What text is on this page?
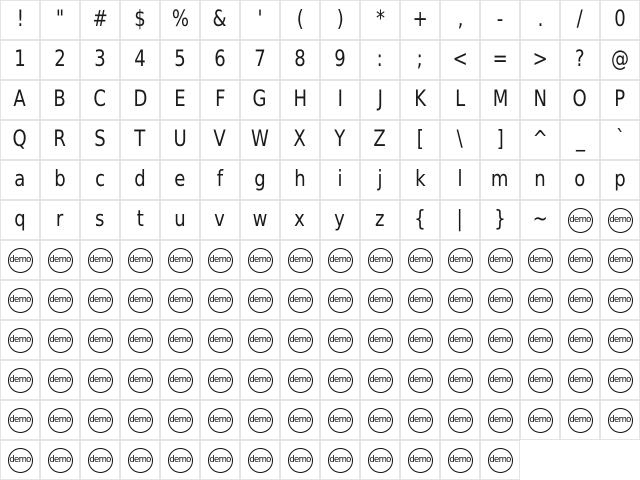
! " # $ % & ' ( ) * + , - . / 0
1 2 3 4 5 6 7 8 9 : ; < = > ? @
A B C D E F G H I J K L M N O P
Q R S T U V W X Y Z [ \ ] ^ _ `
a b c d e f g h i j k l m n o p
q r s t u v w x y z { | } ~	demo demo
demo demo demo demo demo demo demo demo demo demo demo demo demo demo demo demo
demo demo demo demo demo demo demo demo demo demo demo demo demo demo demo demo
demo demo demo demo demo demo demo demo demo demo demo demo demo demo demo demo
demo demo demo demo demo demo demo demo demo demo demo demo demo demo demo demo
demo demo demo demo demo demo demo demo demo demo demo demo demo demo demo demo
demo demo demo demo demo demo demo demo demo demo demo demo demo
